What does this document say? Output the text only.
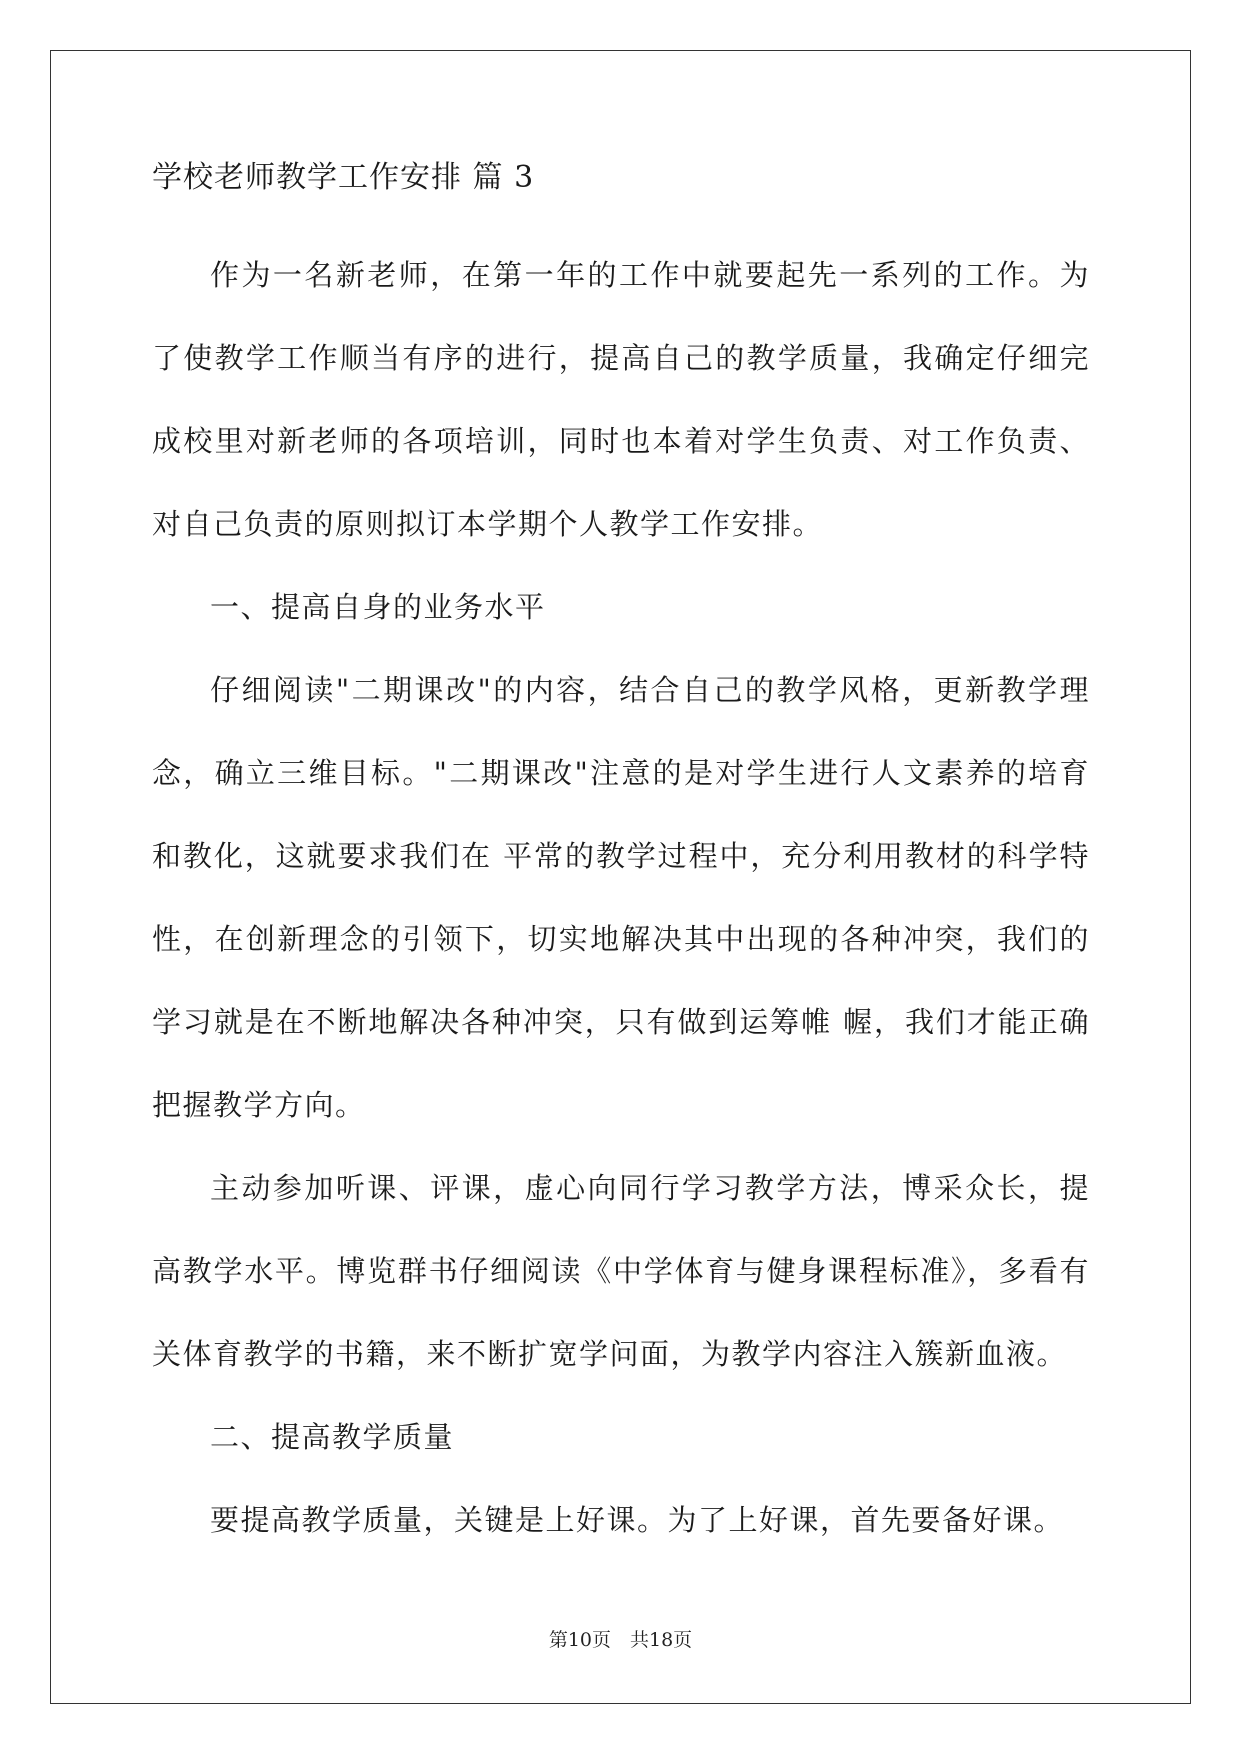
学校老师教学工作安排 篇 3

作为一名新老师，在第一年的工作中就要起先一系列的工作。为了使教学工作顺当有序的进行，提高自己的教学质量，我确定仔细完成校里对新老师的各项培训，同时也本着对学生负责、对工作负责、对自己负责的原则拟订本学期个人教学工作安排。

一、提高自身的业务水平

仔细阅读"二期课改"的内容，结合自己的教学风格，更新教学理念，确立三维目标。"二期课改"注意的是对学生进行人文素养的培育和教化，这就要求我们在 平常的教学过程中，充分利用教材的科学特性，在创新理念的引领下，切实地解决其中出现的各种冲突，我们的学习就是在不断地解决各种冲突，只有做到运筹帷 幄，我们才能正确把握教学方向。

主动参加听课、评课，虚心向同行学习教学方法，博采众长，提高教学水平。博览群书仔细阅读《中学体育与健身课程标准》，多看有关体育教学的书籍，来不断扩宽学问面，为教学内容注入簇新血液。

二、提高教学质量

要提高教学质量，关键是上好课。为了上好课，首先要备好课。

第10页　共18页
